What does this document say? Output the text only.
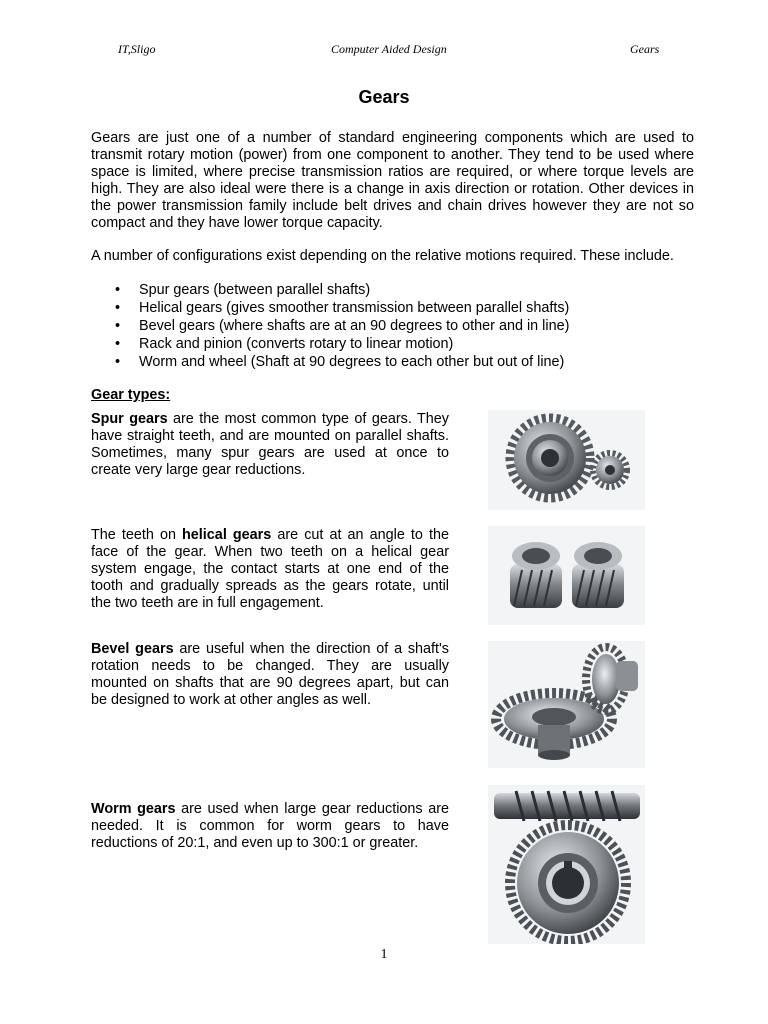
IT,Sligo	Computer Aided Design	Gears
Gears

Gears are just one of a number of standard engineering components which are used to transmit rotary motion (power) from one component to another. They tend to be used where space is limited, where precise transmission ratios are required, or where torque levels are high. They are also ideal were there is a change in axis direction or rotation. Other devices in the power transmission family include belt drives and chain drives however they are not so compact and they have lower torque capacity.

A number of configurations exist depending on the relative motions required. These include.

• Spur gears (between parallel shafts)
• Helical gears (gives smoother transmission between parallel shafts)
• Bevel gears (where shafts are at an 90 degrees to other and in line)
• Rack and pinion (converts rotary to linear motion)
• Worm and wheel (Shaft at 90 degrees to each other but out of line)
Gear types:

Spur gears are the most common type of gears. They have straight teeth, and are mounted on parallel shafts. Sometimes, many spur gears are used at once to create very large gear reductions.

The teeth on helical gears are cut at an angle to the face of the gear. When two teeth on a helical gear system engage, the contact starts at one end of the tooth and gradually spreads as the gears rotate, until the two teeth are in full engagement.

Bevel gears are useful when the direction of a shaft's rotation needs to be changed. They are usually mounted on shafts that are 90 degrees apart, but can be designed to work at other angles as well.

Worm gears are used when large gear reductions are needed. It is common for worm gears to have reductions of 20:1, and even up to 300:1 or greater.

1
